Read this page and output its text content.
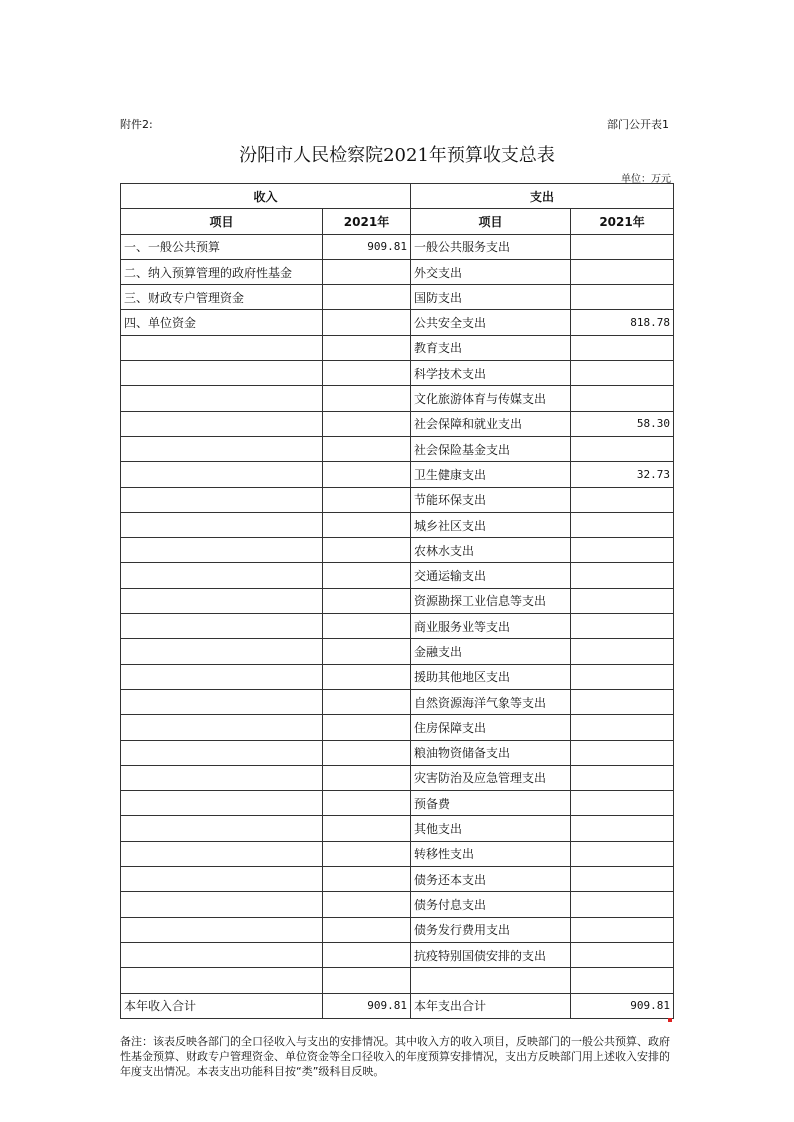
附件2:	部门公开表1
汾阳市人民检察院2021年预算收支总表
单位：万元
收入		支出	
项目	2021年	项目	2021年
一、一般公共预算	909.81	一般公共服务支出	
二、纳入预算管理的政府性基金		外交支出	
三、财政专户管理资金		国防支出	
四、单位资金		公共安全支出	818.78
		教育支出	
		科学技术支出	
		文化旅游体育与传媒支出	
		社会保障和就业支出	58.30
		社会保险基金支出	
		卫生健康支出	32.73
		节能环保支出	
		城乡社区支出	
		农林水支出	
		交通运输支出	
		资源勘探工业信息等支出	
		商业服务业等支出	
		金融支出	
		援助其他地区支出	
		自然资源海洋气象等支出	
		住房保障支出	
		粮油物资储备支出	
		灾害防治及应急管理支出	
		预备费	
		其他支出	
		转移性支出	
		债务还本支出	
		债务付息支出	
		债务发行费用支出	
		抗疫特别国债安排的支出	

本年收入合计	909.81	本年支出合计	909.81
备注：该表反映各部门的全口径收入与支出的安排情况。其中收入方的收入项目，反映部门的一般公共预算、政府性基金预算、财政专户管理资金、单位资金等全口径收入的年度预算安排情况，支出方反映部门用上述收入安排的年度支出情况。本表支出功能科目按“类”级科目反映。
